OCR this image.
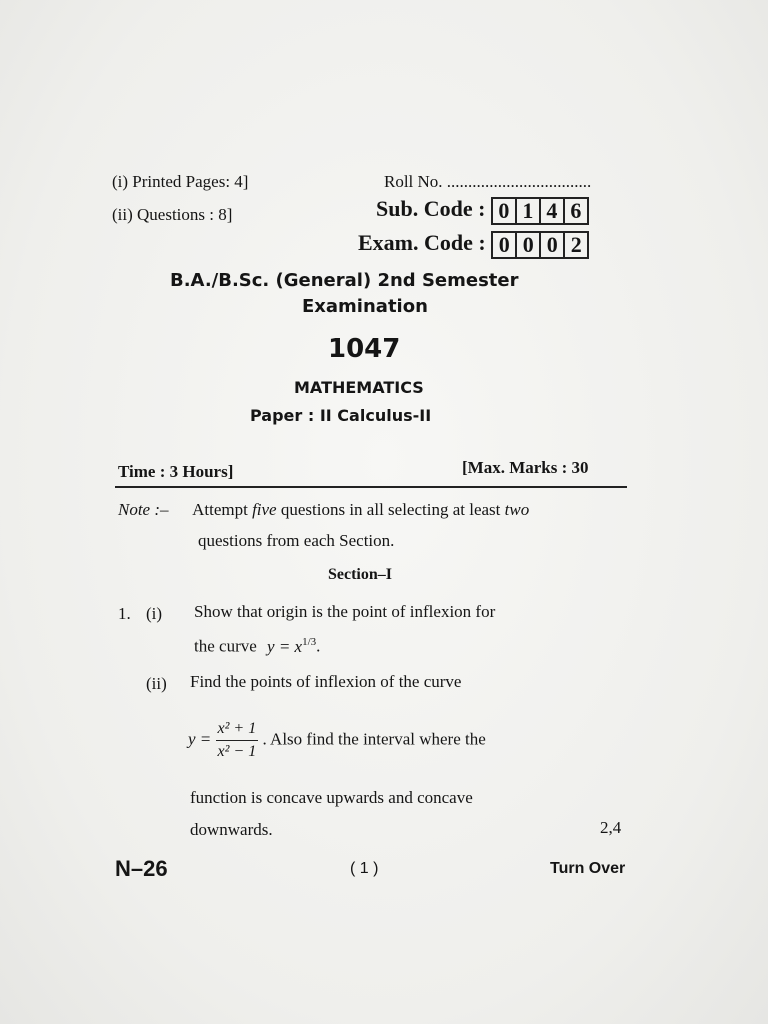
(i) Printed Pages: 4]
(ii) Questions : 8]
Roll No. ..................................
Sub. Code : 0 1 4 6
Exam. Code : 0 0 0 2
B.A./B.Sc. (General) 2nd Semester
Examination
1047
MATHEMATICS
Paper : II Calculus-II
Time : 3 Hours]	[Max. Marks : 30
Note :– Attempt five questions in all selecting at least two
questions from each Section.
Section–I
1. (i) Show that origin is the point of inflexion for
the curve $y = x^{1/3}$.
(ii) Find the points of inflexion of the curve
$y = \frac{\text{x² + 1}}{\text{x² − 1}}$ . Also find the interval where the
function is concave upwards and concave
downwards.	2,4
N–26	( 1 )	Turn Over
